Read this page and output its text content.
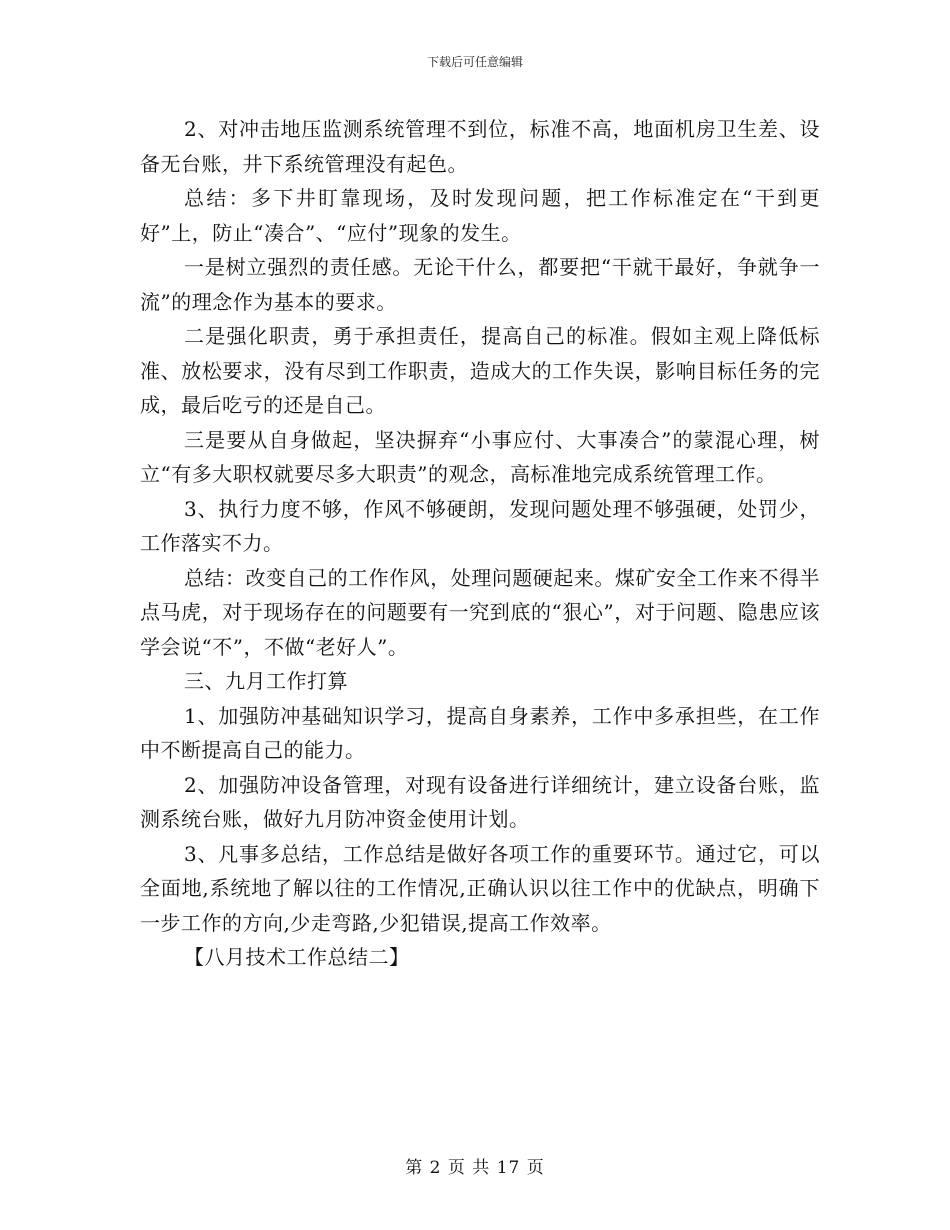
下载后可任意编辑

2、对冲击地压监测系统管理不到位，标准不高，地面机房卫生差、设备无台账，井下系统管理没有起色。

总结：多下井盯靠现场，及时发现问题，把工作标准定在“干到更好”上，防止“凑合”、“应付”现象的发生。

一是树立强烈的责任感。无论干什么，都要把“干就干最好，争就争一流”的理念作为基本的要求。

二是强化职责，勇于承担责任，提高自己的标准。假如主观上降低标准、放松要求，没有尽到工作职责，造成大的工作失误，影响目标任务的完成，最后吃亏的还是自己。

三是要从自身做起，坚决摒弃“小事应付、大事凑合”的蒙混心理，树立“有多大职权就要尽多大职责”的观念，高标准地完成系统管理工作。

3、执行力度不够，作风不够硬朗，发现问题处理不够强硬，处罚少，工作落实不力。

总结：改变自己的工作作风，处理问题硬起来。煤矿安全工作来不得半点马虎，对于现场存在的问题要有一究到底的“狠心”，对于问题、隐患应该学会说“不”，不做“老好人”。

三、九月工作打算

1、加强防冲基础知识学习，提高自身素养，工作中多承担些，在工作中不断提高自己的能力。

2、加强防冲设备管理，对现有设备进行详细统计，建立设备台账，监测系统台账，做好九月防冲资金使用计划。

3、凡事多总结，工作总结是做好各项工作的重要环节。通过它，可以全面地,系统地了解以往的工作情况,正确认识以往工作中的优缺点，明确下一步工作的方向,少走弯路,少犯错误,提高工作效率。

【八月技术工作总结二】

第 2 页 共 17 页
